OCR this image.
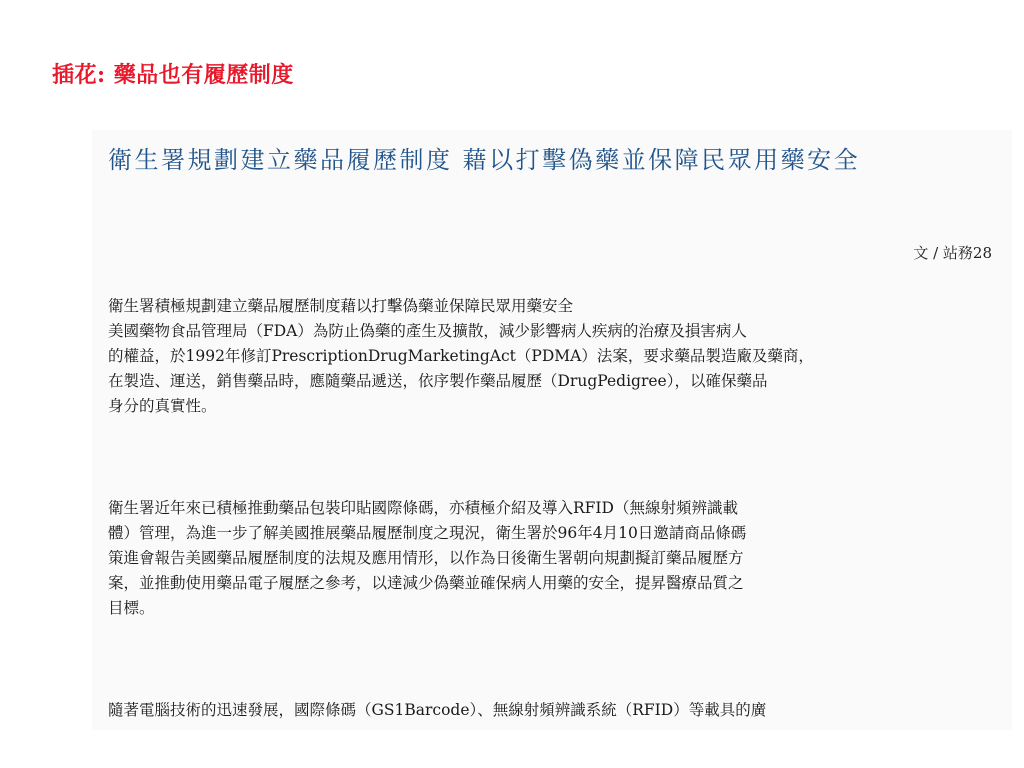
插花: 藥品也有履歷制度
衛生署規劃建立藥品履歷制度 藉以打擊偽藥並保障民眾用藥安全
文 / 站務28
衛生署積極規劃建立藥品履歷制度藉以打擊偽藥並保障民眾用藥安全
美國藥物食品管理局（FDA）為防止偽藥的產生及擴散，減少影響病人疾病的治療及損害病人
的權益，於1992年修訂PrescriptionDrugMarketingAct（PDMA）法案，要求藥品製造廠及藥商，
在製造、運送，銷售藥品時，應隨藥品遞送，依序製作藥品履歷（DrugPedigree），以確保藥品
身分的真實性。
衛生署近年來已積極推動藥品包裝印貼國際條碼，亦積極介紹及導入RFID（無線射頻辨識載
體）管理，為進一步了解美國推展藥品履歷制度之現況，衛生署於96年4月10日邀請商品條碼
策進會報告美國藥品履歷制度的法規及應用情形，以作為日後衛生署朝向規劃擬訂藥品履歷方
案，並推動使用藥品電子履歷之參考，以達減少偽藥並確保病人用藥的安全，提昇醫療品質之
目標。
隨著電腦技術的迅速發展，國際條碼（GS1Barcode）、無線射頻辨識系統（RFID）等載具的廣
